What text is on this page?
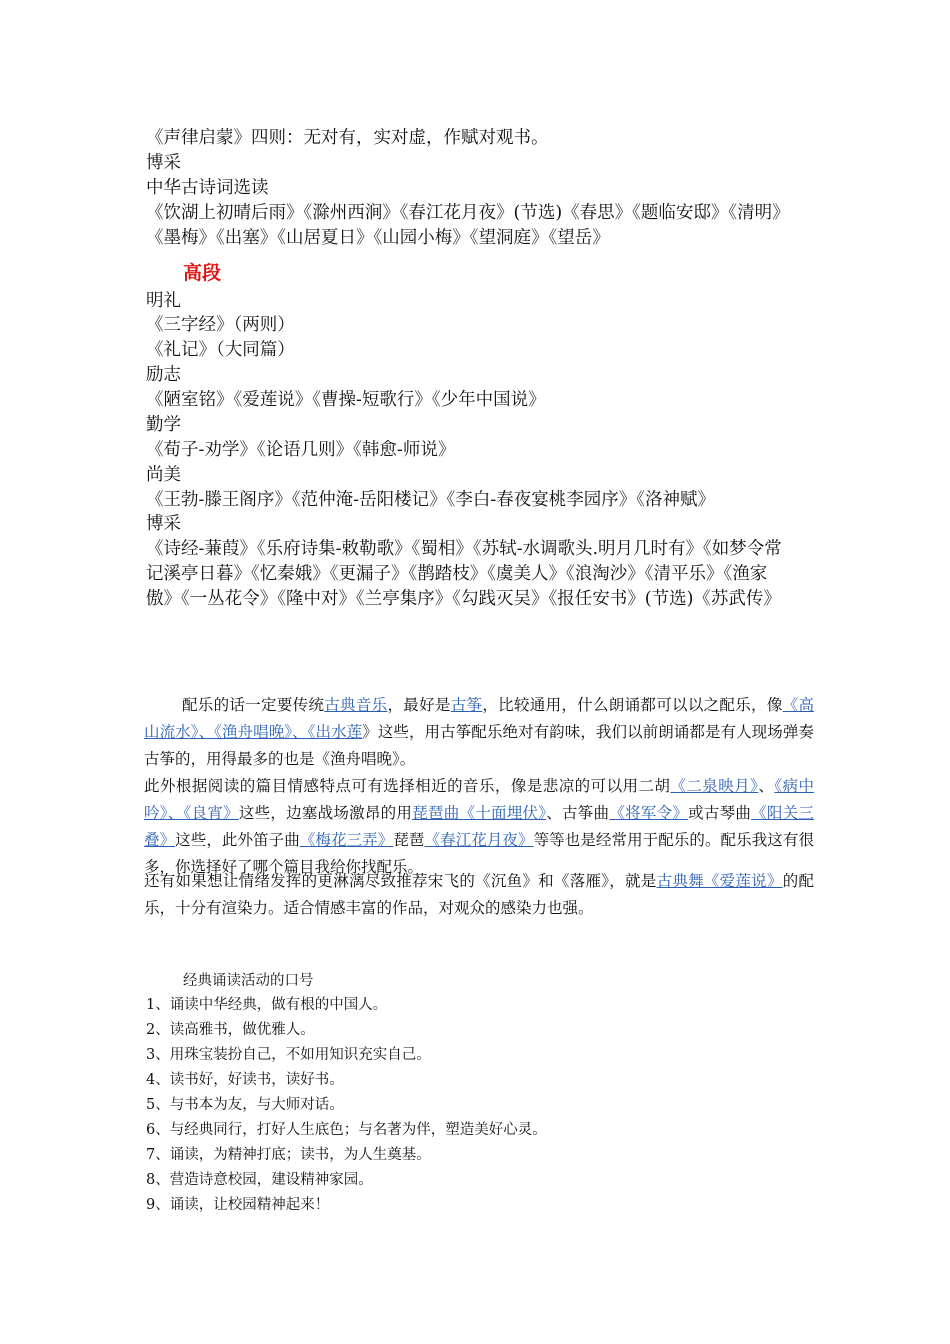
《声律启蒙》四则：无对有，实对虚，作赋对观书。
博采
中华古诗词选读
《饮湖上初晴后雨》《滁州西涧》《春江花月夜》(节选)《春思》《题临安邸》《清明》
《墨梅》《出塞》《山居夏日》《山园小梅》《望洞庭》《望岳》
高段
明礼
《三字经》（两则）
《礼记》（大同篇）
励志
《陋室铭》《爱莲说》《曹操-短歌行》《少年中国说》
勤学
《荀子-劝学》《论语几则》《韩愈-师说》
尚美
《王勃-滕王阁序》《范仲淹-岳阳楼记》《李白-春夜宴桃李园序》《洛神赋》
博采
《诗经-蒹葭》《乐府诗集-敕勒歌》《蜀相》《苏轼-水调歌头.明月几时有》《如梦令常
记溪亭日暮》《忆秦娥》《更漏子》《鹊踏枝》《虞美人》《浪淘沙》《清平乐》《渔家
傲》《一丛花令》《隆中对》《兰亭集序》《勾践灭吴》《报任安书》(节选)《苏武传》
配乐的话一定要传统古典音乐，最好是古筝，比较通用，什么朗诵都可以以之配乐，像《高山流水》、《渔舟唱晚》、《出水莲》这些，用古筝配乐绝对有韵味，我们以前朗诵都是有人现场弹奏古筝的，用得最多的也是《渔舟唱晚》。
此外根据阅读的篇目情感特点可有选择相近的音乐，像是悲凉的可以用二胡《二泉映月》、《病中吟》、《良宵》这些，边塞战场激昂的用琵琶曲《十面埋伏》、古筝曲《将军令》或古琴曲《阳关三叠》这些，此外笛子曲《梅花三弄》琵琶《春江花月夜》等等也是经常用于配乐的。配乐我这有很多，你选择好了哪个篇目我给你找配乐。
还有如果想让情绪发挥的更淋漓尽致推荐宋飞的《沉鱼》和《落雁》，就是古典舞《爱莲说》的配乐，十分有渲染力。适合情感丰富的作品，对观众的感染力也强。
经典诵读活动的口号
1、诵读中华经典，做有根的中国人。
2、读高雅书，做优雅人。
3、用珠宝装扮自己，不如用知识充实自己。
4、读书好，好读书，读好书。
5、与书本为友，与大师对话。
6、与经典同行，打好人生底色；与名著为伴，塑造美好心灵。
7、诵读，为精神打底；读书，为人生奠基。
8、营造诗意校园，建设精神家园。
9、诵读，让校园精神起来！
